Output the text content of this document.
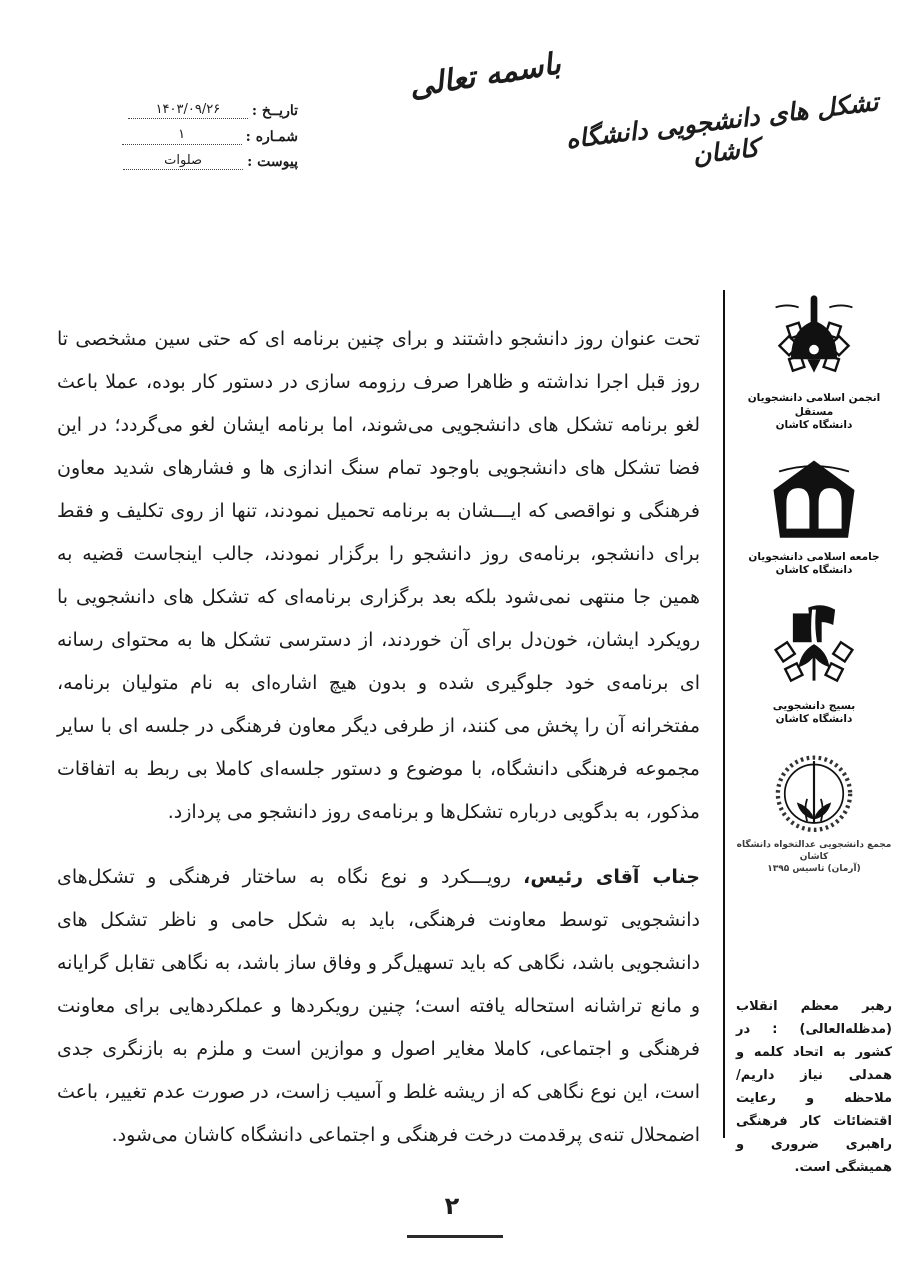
باسمه تعالی
تشکل های دانشجویی دانشگاه کاشان
تاریــخ :
۱۴۰۳/۰۹/۲۶
شمـاره :
۱
پیوست :
صلوات
انجمن اسلامی دانشجویان مستقل
دانشگاه کاشان
جامعه اسلامی دانشجویان
دانشگاه کاشان
بسیج دانشجویی
دانشگاه کاشان
مجمع دانشجویی عدالتخواه دانشگاه کاشان
(آرمان) تاسیس ۱۳۹۵
رهبر معظم انقلاب (مدظله‌العالی) : در کشور به اتحاد کلمه و همدلی نیاز داریم/ ملاحظه و رعایت اقتضائات کار فرهنگی راهبری ضروری و همیشگی است.

تحت عنوان روز دانشجو داشتند و برای چنین برنامه ای که حتی سین مشخصی تا روز قبل اجرا نداشته و ظاهرا صرف رزومه سازی در دستور کار بوده، عملا باعث لغو برنامه تشکل های دانشجویی می‌شوند، اما برنامه ایشان لغو می‌گردد؛ در این فضا تشکل های دانشجویی باوجود تمام سنگ اندازی ها و فشارهای شدید معاون فرهنگی و نواقصی که ایـــشان به برنامه تحمیل نمودند، تنها از روی تکلیف و فقط برای دانشجو، برنامه‌ی روز دانشجو را برگزار نمودند، جالب اینجاست قضیه به همین جا منتهی نمی‌شود بلکه بعد برگزاری برنامه‌ای که تشکل های دانشجویی با رویکرد ایشان، خون‌دل برای آن خوردند، از دسترسی تشکل ها به محتوای رسانه ای برنامه‌ی خود جلوگیری شده و بدون هیچ اشاره‌ای به نام متولیان برنامه، مفتخرانه آن را پخش می کنند، از طرفی دیگر معاون فرهنگی در جلسه ای با سایر مجموعه فرهنگی دانشگاه، با موضوع و دستور جلسه‌ای کاملا بی ربط به اتفاقات مذکور، به بدگویی درباره تشکل‌ها و برنامه‌ی روز دانشجو می پردازد.

جناب آقای رئیس، رویـــکرد و نوع نگاه به ساختار فرهنگی و تشکل‌های دانشجویی توسط معاونت فرهنگی، باید به شکل حامی و ناظر تشکل های دانشجویی باشد، نگاهی که باید تسهیل‌گر و وفاق ساز باشد، به نگاهی تقابل گرایانه و مانع تراشانه استحاله یافته است؛ چنین رویکردها و عملکردهایی برای معاونت فرهنگی و اجتماعی، کاملا مغایر اصول و موازین است و ملزم به بازنگری جدی است، این نوع نگاهی که از ریشه غلط و آسیب زاست، در صورت عدم تغییر، باعث اضمحلال تنه‌ی پرقدمت درخت فرهنگی و اجتماعی دانشگاه کاشان می‌شود.

۲
